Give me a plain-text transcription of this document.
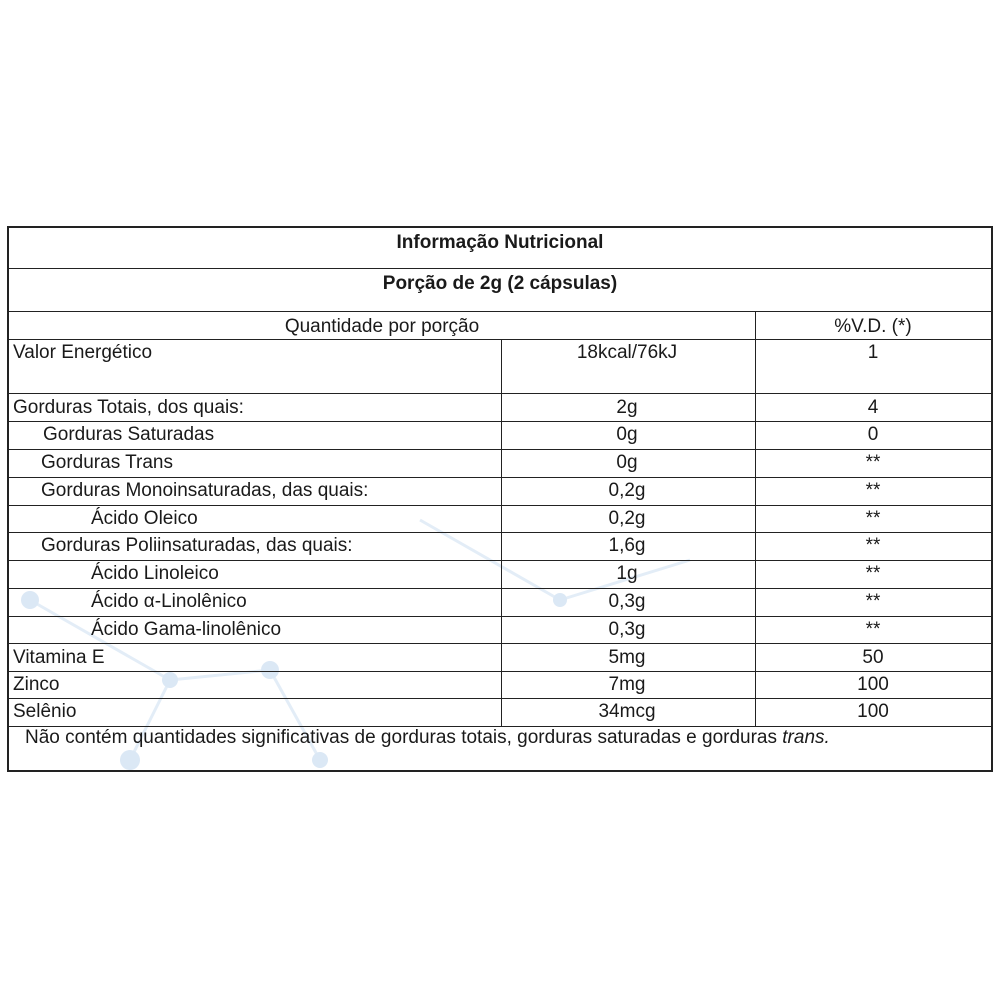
Informação Nutricional
Porção de 2g (2 cápsulas)
Quantidade por porção	%V.D. (*)
Valor Energético	18kcal/76kJ	1
Gorduras Totais, dos quais:	2g	4
Gorduras Saturadas	0g	0
Gorduras Trans	0g	**
Gorduras Monoinsaturadas, das quais:	0,2g	**
Ácido Oleico	0,2g	**
Gorduras Poliinsaturadas, das quais:	1,6g	**
Ácido Linoleico	1g	**
Ácido α-Linolênico	0,3g	**
Ácido Gama-linolênico	0,3g	**
Vitamina E	5mg	50
Zinco	7mg	100
Selênio	34mcg	100
Não contém quantidades significativas de gorduras totais, gorduras saturadas e gorduras trans.
